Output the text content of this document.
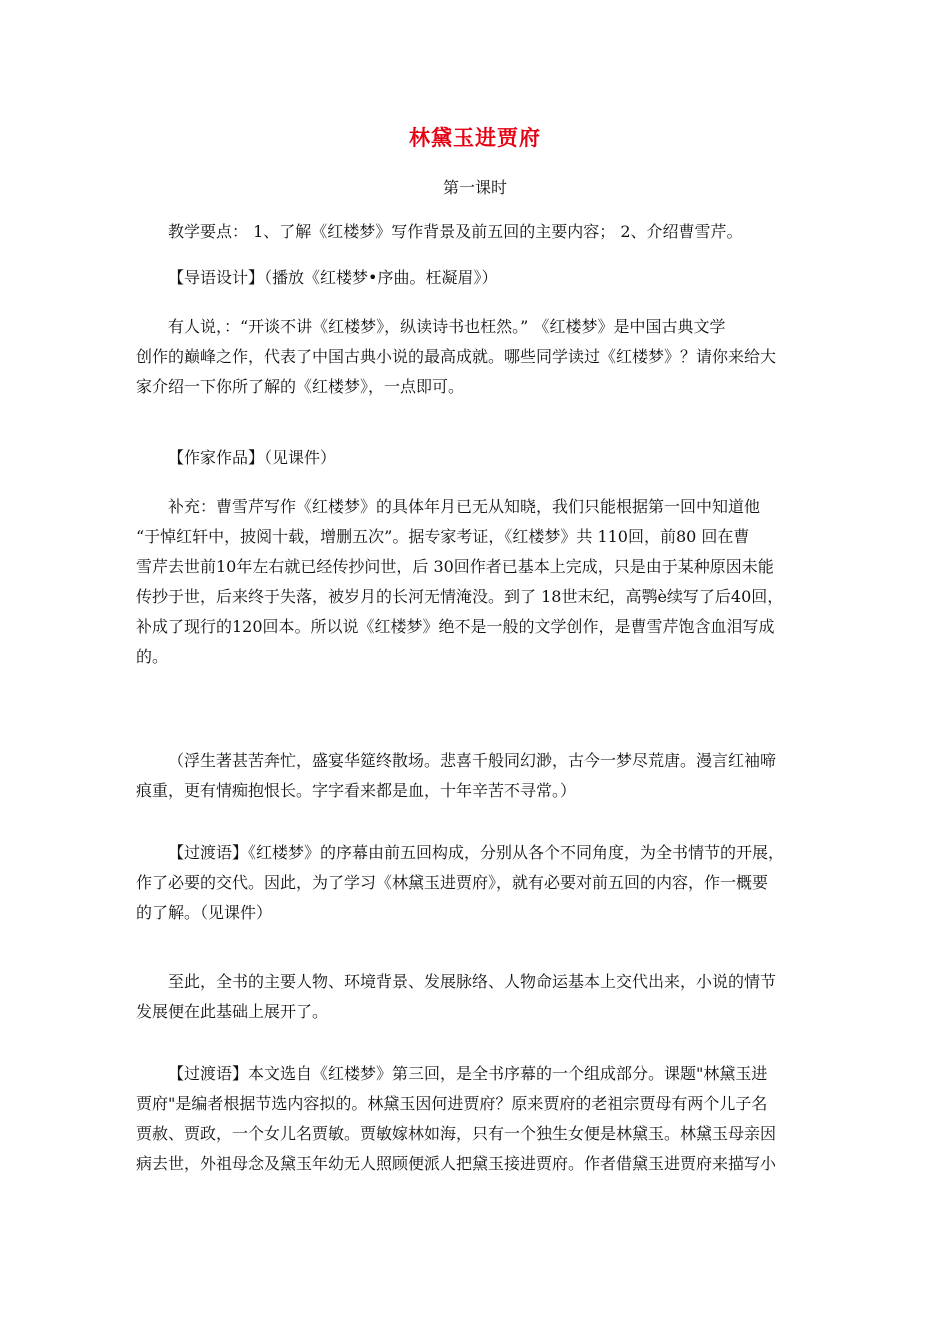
林黛玉进贾府
第一课时
教学要点： 1、了解《红楼梦》写作背景及前五回的主要内容； 2、介绍曹雪芹。
【导语设计】（播放《红楼梦•序曲。枉凝眉》）
有人说，：“开谈不讲《红楼梦》，纵读诗书也枉然。” 《红楼梦》是中国古典文学
创作的巅峰之作，代表了中国古典小说的最高成就。哪些同学读过《红楼梦》？请你来给大
家介绍一下你所了解的《红楼梦》，一点即可。
【作家作品】（见课件）
补充：曹雪芹写作《红楼梦》的具体年月已无从知晓，我们只能根据第一回中知道他
“于悼红轩中，披阅十载，增删五次”。据专家考证，《红楼梦》共 110回，前80 回在曹
雪芹去世前10年左右就已经传抄问世，后 30回作者已基本上完成，只是由于某种原因未能
传抄于世，后来终于失落，被岁月的长河无情淹没。到了 18世末纪，高鹗è续写了后40回，
补成了现行的120回本。所以说《红楼梦》绝不是一般的文学创作，是曹雪芹饱含血泪写成
的。
（浮生著甚苦奔忙，盛宴华筵终散场。悲喜千般同幻渺，古今一梦尽荒唐。漫言红袖啼
痕重，更有情痴抱恨长。字字看来都是血，十年辛苦不寻常。）
【过渡语】《红楼梦》的序幕由前五回构成，分别从各个不同角度，为全书情节的开展，
作了必要的交代。因此，为了学习《林黛玉进贾府》，就有必要对前五回的内容，作一概要
的了解。（见课件）
至此，全书的主要人物、环境背景、发展脉络、人物命运基本上交代出来，小说的情节
发展便在此基础上展开了。
【过渡语】本文选自《红楼梦》第三回，是全书序幕的一个组成部分。课题"林黛玉进
贾府"是编者根据节选内容拟的。林黛玉因何进贾府？原来贾府的老祖宗贾母有两个儿子名
贾赦、贾政，一个女儿名贾敏。贾敏嫁林如海，只有一个独生女便是林黛玉。林黛玉母亲因
病去世，外祖母念及黛玉年幼无人照顾便派人把黛玉接进贾府。作者借黛玉进贾府来描写小
